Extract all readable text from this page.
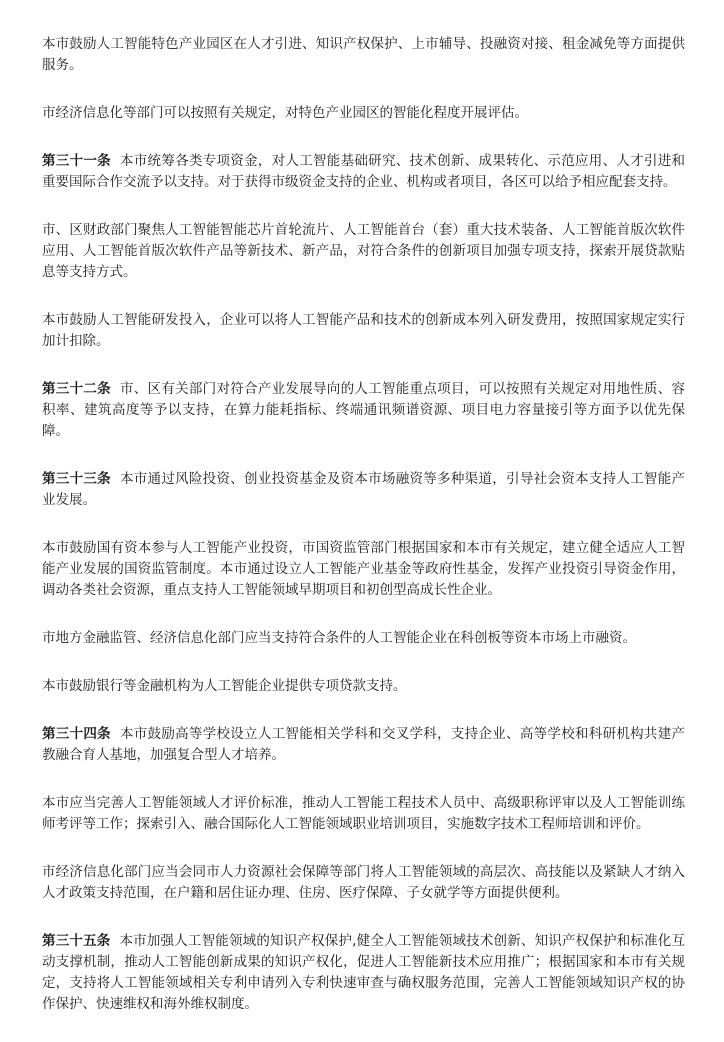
本市鼓励人工智能特色产业园区在人才引进、知识产权保护、上市辅导、投融资对接、租金减免等方面提供服务。

市经济信息化等部门可以按照有关规定，对特色产业园区的智能化程度开展评估。

第三十一条 本市统筹各类专项资金，对人工智能基础研究、技术创新、成果转化、示范应用、人才引进和重要国际合作交流予以支持。对于获得市级资金支持的企业、机构或者项目，各区可以给予相应配套支持。

市、区财政部门聚焦人工智能智能芯片首轮流片、人工智能首台（套）重大技术装备、人工智能首版次软件应用、人工智能首版次软件产品等新技术、新产品，对符合条件的创新项目加强专项支持，探索开展贷款贴息等支持方式。

本市鼓励人工智能研发投入，企业可以将人工智能产品和技术的创新成本列入研发费用，按照国家规定实行加计扣除。

第三十二条 市、区有关部门对符合产业发展导向的人工智能重点项目，可以按照有关规定对用地性质、容积率、建筑高度等予以支持，在算力能耗指标、终端通讯频谱资源、项目电力容量接引等方面予以优先保障。

第三十三条 本市通过风险投资、创业投资基金及资本市场融资等多种渠道，引导社会资本支持人工智能产业发展。

本市鼓励国有资本参与人工智能产业投资，市国资监管部门根据国家和本市有关规定，建立健全适应人工智能产业发展的国资监管制度。本市通过设立人工智能产业基金等政府性基金，发挥产业投资引导资金作用，调动各类社会资源，重点支持人工智能领域早期项目和初创型高成长性企业。

市地方金融监管、经济信息化部门应当支持符合条件的人工智能企业在科创板等资本市场上市融资。

本市鼓励银行等金融机构为人工智能企业提供专项贷款支持。

第三十四条 本市鼓励高等学校设立人工智能相关学科和交叉学科，支持企业、高等学校和科研机构共建产教融合育人基地，加强复合型人才培养。

本市应当完善人工智能领域人才评价标准，推动人工智能工程技术人员中、高级职称评审以及人工智能训练师考评等工作；探索引入、融合国际化人工智能领域职业培训项目，实施数字技术工程师培训和评价。

市经济信息化部门应当会同市人力资源社会保障等部门将人工智能领域的高层次、高技能以及紧缺人才纳入人才政策支持范围，在户籍和居住证办理、住房、医疗保障、子女就学等方面提供便利。

第三十五条 本市加强人工智能领域的知识产权保护,健全人工智能领域技术创新、知识产权保护和标准化互动支撑机制，推动人工智能创新成果的知识产权化，促进人工智能新技术应用推广；根据国家和本市有关规定，支持将人工智能领域相关专利申请列入专利快速审查与确权服务范围，完善人工智能领域知识产权的协作保护、快速维权和海外维权制度。
